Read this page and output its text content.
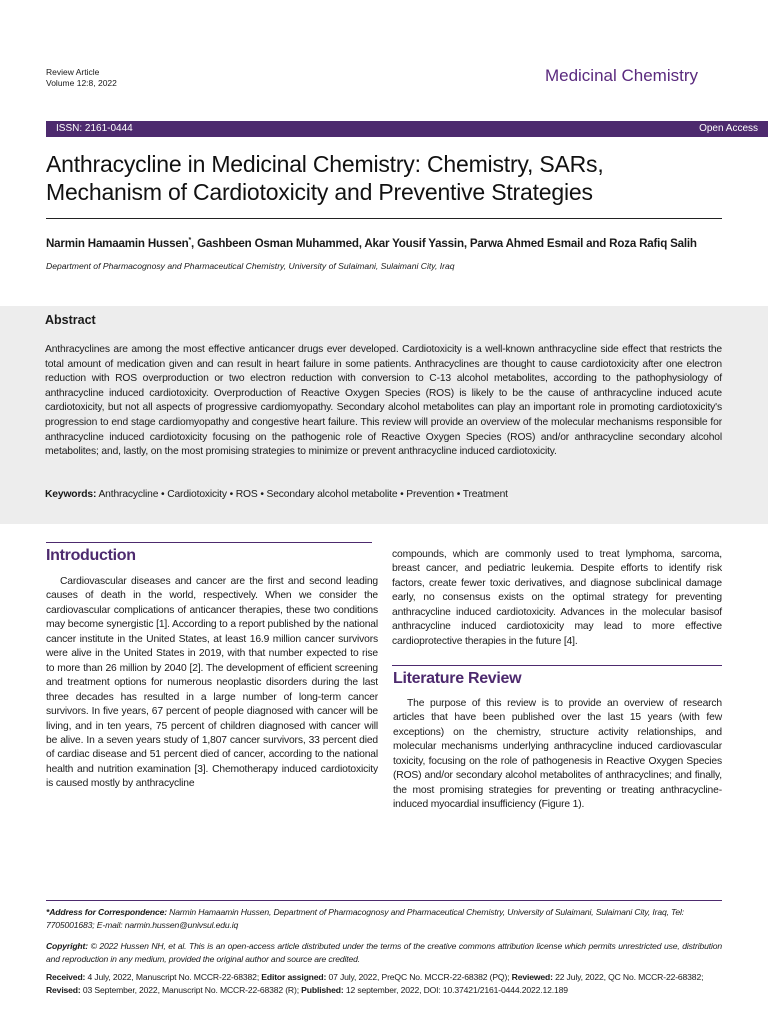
Review Article
Volume 12:8, 2022	Medicinal Chemistry
ISSN: 2161-0444	Open Access
Anthracycline in Medicinal Chemistry: Chemistry, SARs,
Mechanism of Cardiotoxicity and Preventive Strategies
Narmin Hamaamin Hussen*, Gashbeen Osman Muhammed, Akar Yousif Yassin, Parwa Ahmed Esmail and Roza Rafiq Salih
Department of Pharmacognosy and Pharmaceutical Chemistry, University of Sulaimani, Sulaimani City, Iraq
Abstract
Anthracyclines are among the most effective anticancer drugs ever developed. Cardiotoxicity is a well-known anthracycline side effect that restricts the total amount of medication given and can result in heart failure in some patients. Anthracyclines are thought to cause cardiotoxicity after one electron reduction with ROS overproduction or two electron reduction with conversion to C-13 alcohol metabolites, according to the pathophysiology of anthracycline induced cardiotoxicity. Overproduction of Reactive Oxygen Species (ROS) is likely to be the cause of anthracycline induced acute cardiotoxicity, but not all aspects of progressive cardiomyopathy. Secondary alcohol metabolites can play an important role in promoting cardiotoxicity's progression to end stage cardiomyopathy and congestive heart failure. This review will provide an overview of the molecular mechanisms responsible for anthracycline induced cardiotoxicity focusing on the pathogenic role of Reactive Oxygen Species (ROS) and/or anthracycline secondary alcohol metabolites; and, lastly, on the most promising strategies to minimize or prevent anthracycline induced cardiotoxicity.
Keywords: Anthracycline • Cardiotoxicity • ROS • Secondary alcohol metabolite • Prevention • Treatment
Introduction

Cardiovascular diseases and cancer are the first and second leading causes of death in the world, respectively. When we consider the cardiovascular complications of anticancer therapies, these two conditions may become synergistic [1]. According to a report published by the national cancer institute in the United States, at least 16.9 million cancer survivors were alive in the United States in 2019, with that number expected to rise to more than 26 million by 2040 [2]. The development of efficient screening and treatment options for numerous neoplastic disorders during the last three decades has resulted in a large number of long-term cancer survivors. In five years, 67 percent of people diagnosed with cancer will be living, and in ten years, 75 percent of children diagnosed with cancer will be alive. In a seven years study of 1,807 cancer survivors, 33 percent died of cardiac disease and 51 percent died of cancer, according to the national health and nutrition examination [3]. Chemotherapy induced cardiotoxicity is caused mostly by anthracycline

compounds, which are commonly used to treat lymphoma, sarcoma, breast cancer, and pediatric leukemia. Despite efforts to identify risk factors, create fewer toxic derivatives, and diagnose subclinical damage early, no consensus exists on the optimal strategy for preventing anthracycline induced cardiotoxicity. Advances in the molecular basisof anthracycline induced cardiotoxicity may lead to more effective cardioprotective therapies in the future [4].

Literature Review

The purpose of this review is to provide an overview of research articles that have been published over the last 15 years (with few exceptions) on the chemistry, structure activity relationships, and molecular mechanisms underlying anthracycline induced cardiovascular toxicity, focusing on the role of pathogenesis in Reactive Oxygen Species (ROS) and/or secondary alcohol metabolites of anthracyclines; and finally, the most promising strategies for preventing or treating anthracycline-induced myocardial insufficiency (Figure 1).

*Address for Correspondence: Narmin Hamaamin Hussen, Department of Pharmacognosy and Pharmaceutical Chemistry, University of Sulaimani, Sulaimani City, Iraq, Tel: 7705001683; E-mail: narmin.hussen@univsul.edu.iq
Copyright: © 2022 Hussen NH, et al. This is an open-access article distributed under the terms of the creative commons attribution license which permits unrestricted use, distribution and reproduction in any medium, provided the original author and source are credited.
Received: 4 July, 2022, Manuscript No. MCCR-22-68382; Editor assigned: 07 July, 2022, PreQC No. MCCR-22-68382 (PQ); Reviewed: 22 July, 2022, QC No. MCCR-22-68382; Revised: 03 September, 2022, Manuscript No. MCCR-22-68382 (R); Published: 12 september, 2022, DOI: 10.37421/2161-0444.2022.12.189
